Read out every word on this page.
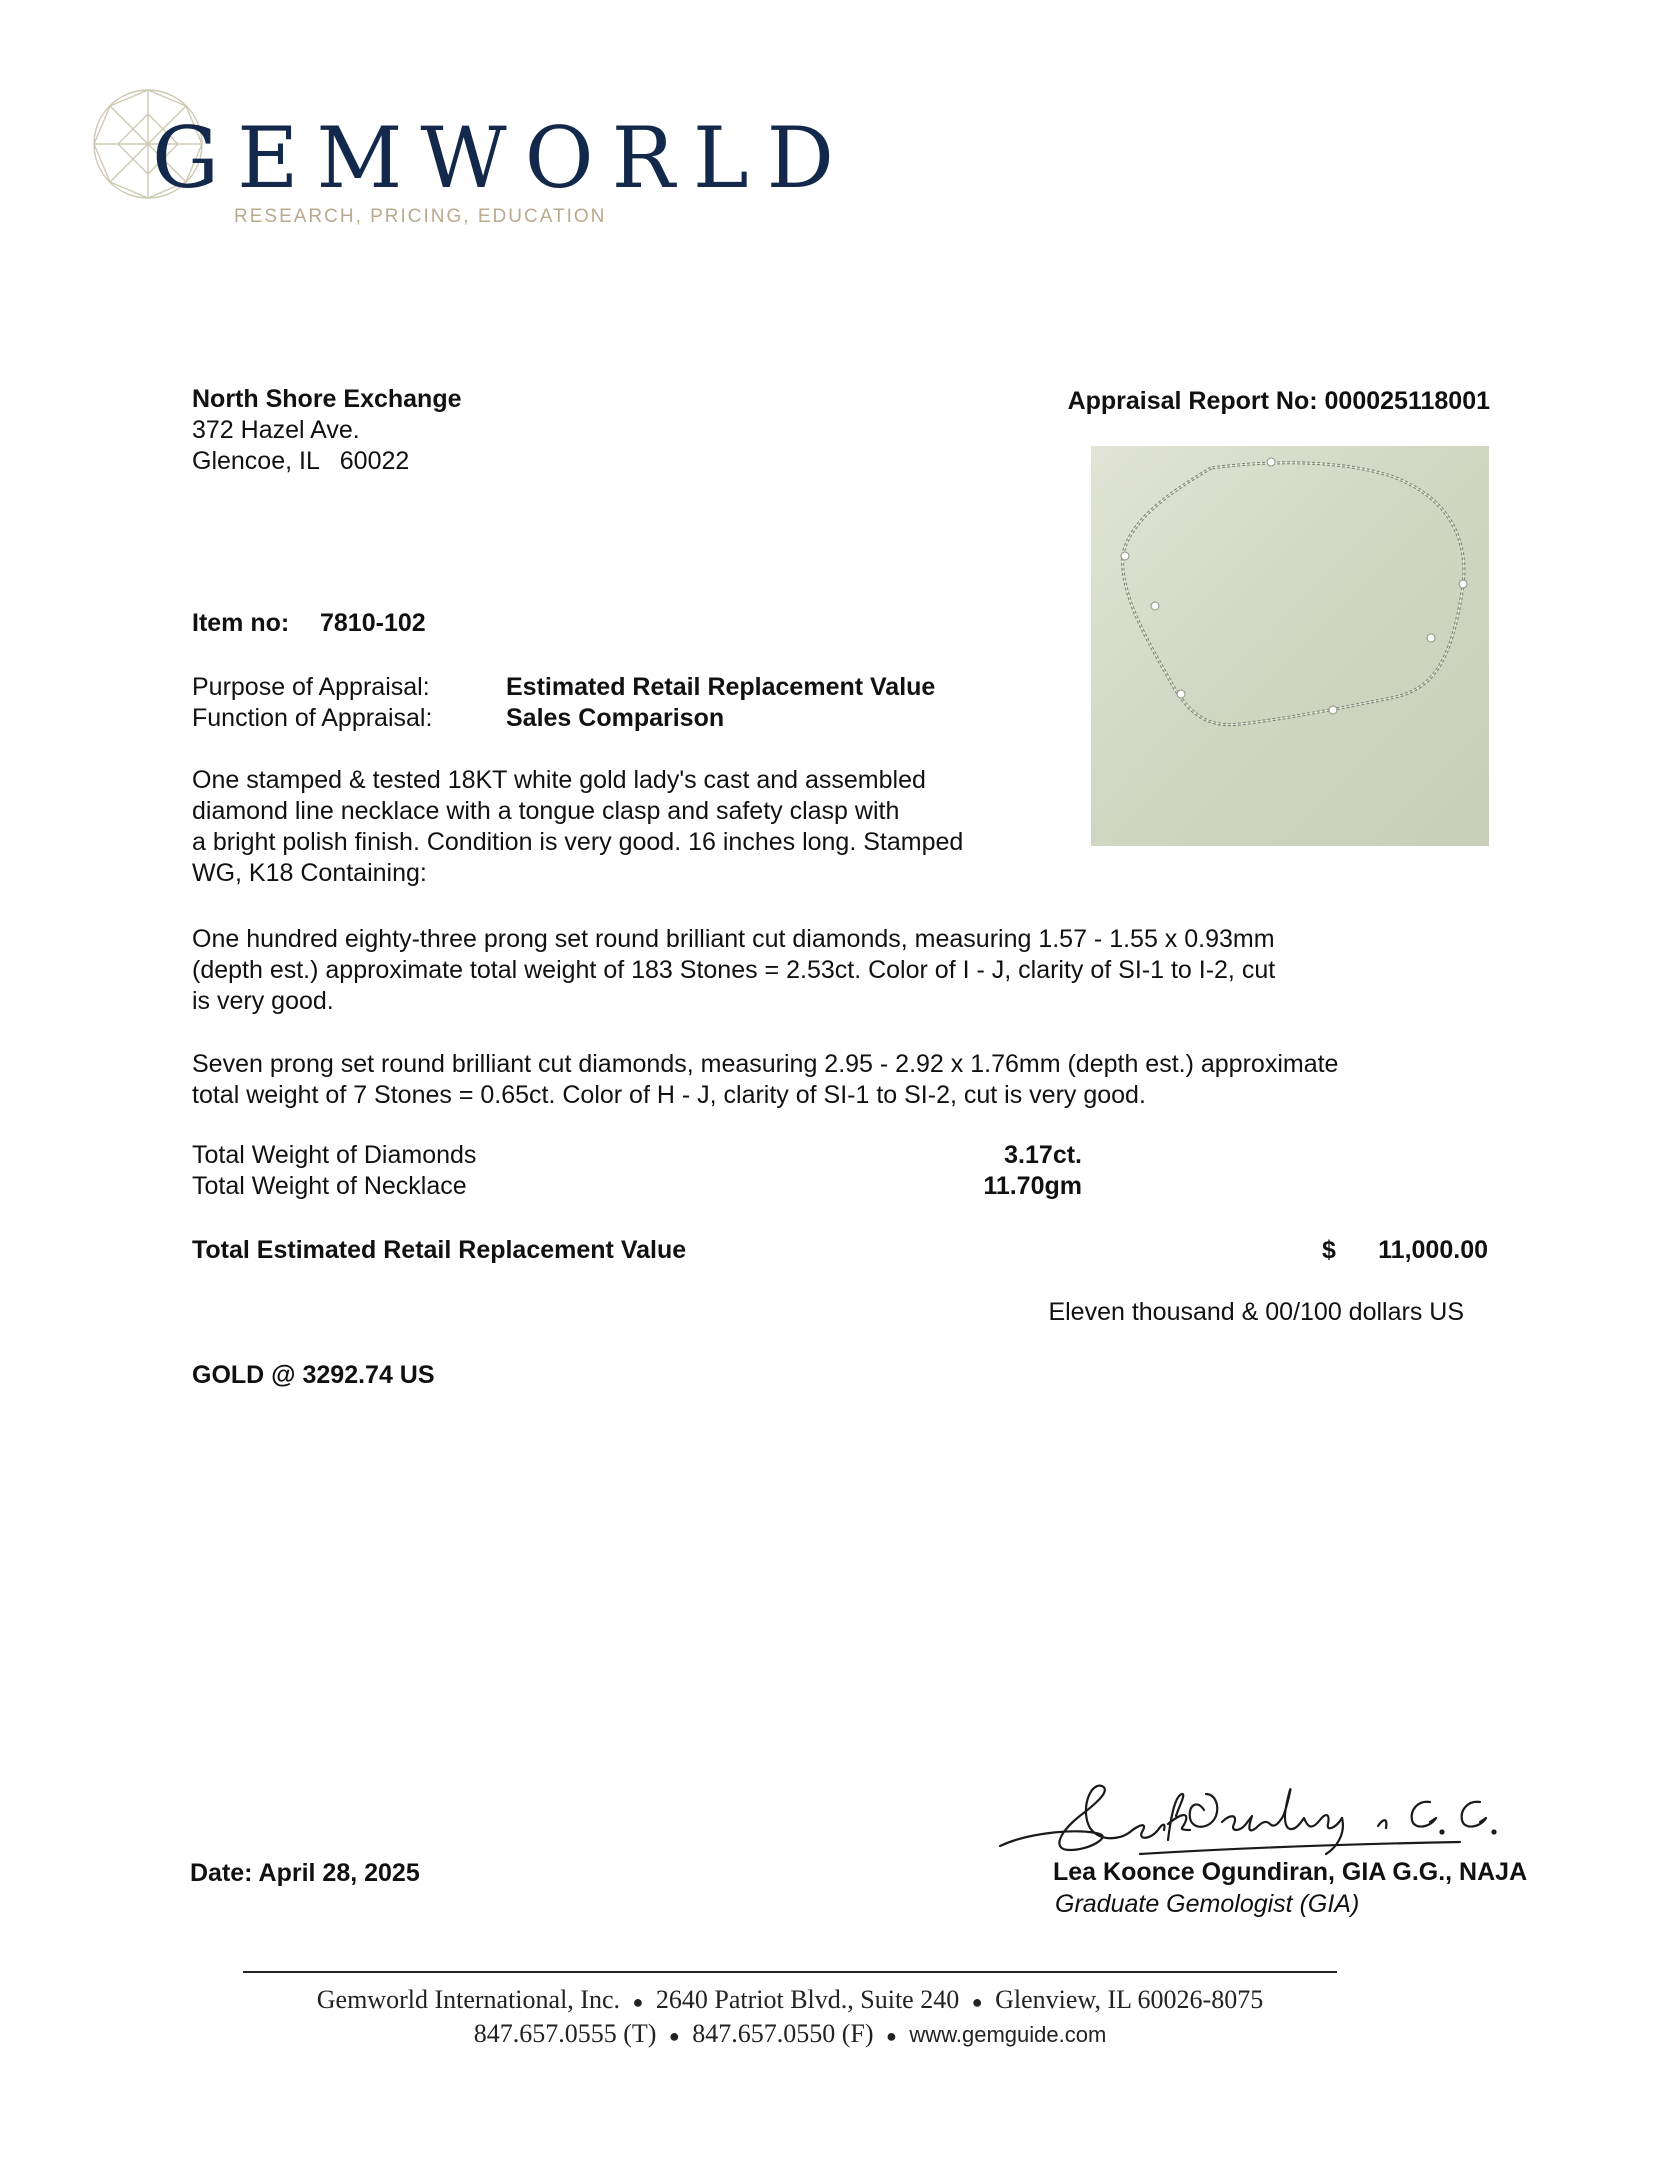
GEMWORLD
RESEARCH, PRICING, EDUCATION
North Shore Exchange
372 Hazel Ave.
Glencoe, IL   60022
Appraisal Report No: 000025118001
Item no: 7810-102
Purpose of Appraisal:	Estimated Retail Replacement Value
Function of Appraisal:	Sales Comparison
One stamped & tested 18KT white gold lady's cast and assembled
diamond line necklace with a tongue clasp and safety clasp with
a bright polish finish. Condition is very good. 16 inches long. Stamped
WG, K18 Containing:
One hundred eighty-three prong set round brilliant cut diamonds, measuring 1.57 - 1.55 x 0.93mm
(depth est.) approximate total weight of 183 Stones = 2.53ct. Color of I - J, clarity of SI-1 to I-2, cut
is very good.
Seven prong set round brilliant cut diamonds, measuring 2.95 - 2.92 x 1.76mm (depth est.) approximate
total weight of 7 Stones = 0.65ct. Color of H - J, clarity of SI-1 to SI-2, cut is very good.
Total Weight of Diamonds	3.17ct.
Total Weight of Necklace	11.70gm
Total Estimated Retail Replacement Value	$ 11,000.00
Eleven thousand & 00/100 dollars US
GOLD @ 3292.74 US
Date: April 28, 2025	Lea Koonce Ogundiran, GIA G.G., NAJA
Graduate Gemologist (GIA)
Gemworld International, Inc. ● 2640 Patriot Blvd., Suite 240 ● Glenview, IL 60026-8075
847.657.0555 (T) ● 847.657.0550 (F) ● www.gemguide.com
